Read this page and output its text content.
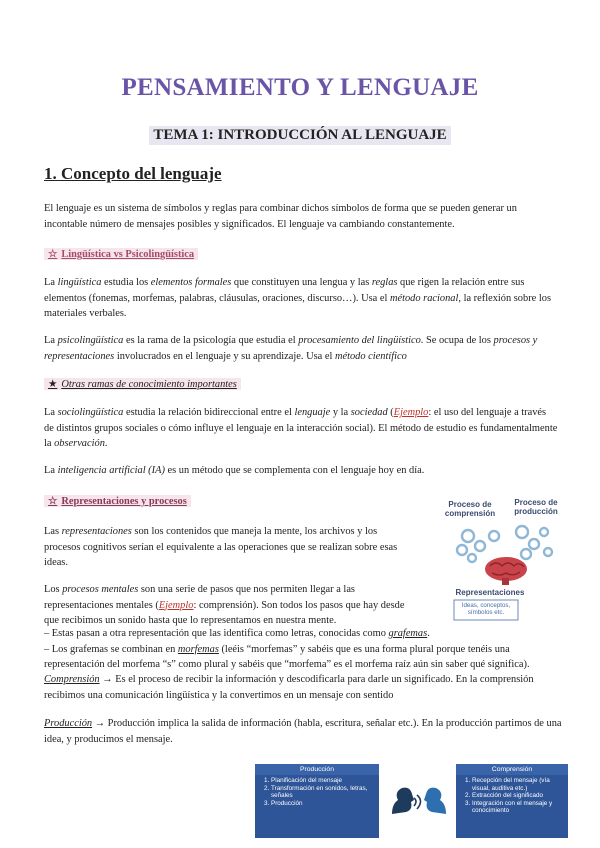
PENSAMIENTO Y LENGUAJE
TEMA 1: INTRODUCCIÓN AL LENGUAJE
1. Concepto del lenguaje

El lenguaje es un sistema de símbolos y reglas para combinar dichos símbolos de forma que se pueden generar un incontable número de mensajes posibles y significados. El lenguaje va cambiando constantemente.

☆ Lingüística vs Psicolingüística

La lingüística estudia los elementos formales que constituyen una lengua y las reglas que rigen la relación entre sus elementos (fonemas, morfemas, palabras, cláusulas, oraciones, discurso…). Usa el método racional, la reflexión sobre los materiales verbales.

La psicolingüística es la rama de la psicología que estudia el procesamiento del lingüístico. Se ocupa de los procesos y representaciones involucrados en el lenguaje y su aprendizaje. Usa el método científico

★ Otras ramas de conocimiento importantes

La sociolingüística estudia la relación bidireccional entre el lenguaje y la sociedad (Ejemplo: el uso del lenguaje a través de distintos grupos sociales o cómo influye el lenguaje en la interacción social). El método de estudio es fundamentalmente la observación.

La inteligencia artificial (IA) es un método que se complementa con el lenguaje hoy en día.

☆ Representaciones y procesos

Las representaciones son los contenidos que maneja la mente, los archivos y los procesos cognitivos serían el equivalente a las operaciones que se realizan sobre esas ideas.

Los procesos mentales son una serie de pasos que nos permiten llegar a las representaciones mentales (Ejemplo: comprensión). Son todos los pasos que hay desde que recibimos un sonido hasta que lo representamos en nuestra mente.

– Estas pasan a otra representación que las identifica como letras, conocidas como grafemas.
– Los grafemas se combinan en morfemas (leéis “morfemas” y sabéis que es una forma plural porque tenéis una representación del morfema “s” como plural y sabéis que “morfema” es el morfema raíz aún sin saber qué significa).

Comprensión → Es el proceso de recibir la información y descodificarla para darle un significado. En la comprensión recibimos una comunicación lingüística y la convertimos en un mensaje con sentido

Producción → Producción implica la salida de información (habla, escritura, señalar etc.). En la producción partimos de una idea, y producimos el mensaje.

Proceso de comprensión
Proceso de producción
Representaciones
Ideas, conceptos, símbolos etc.
Producción
1. Planificación del mensaje
2. Transformación en sonidos, letras, señales
3. Producción
Comprensión
1. Recepción del mensaje (vía visual, auditiva etc.)
2. Extracción del significado
3. Integración con el mensaje y conocimiento
